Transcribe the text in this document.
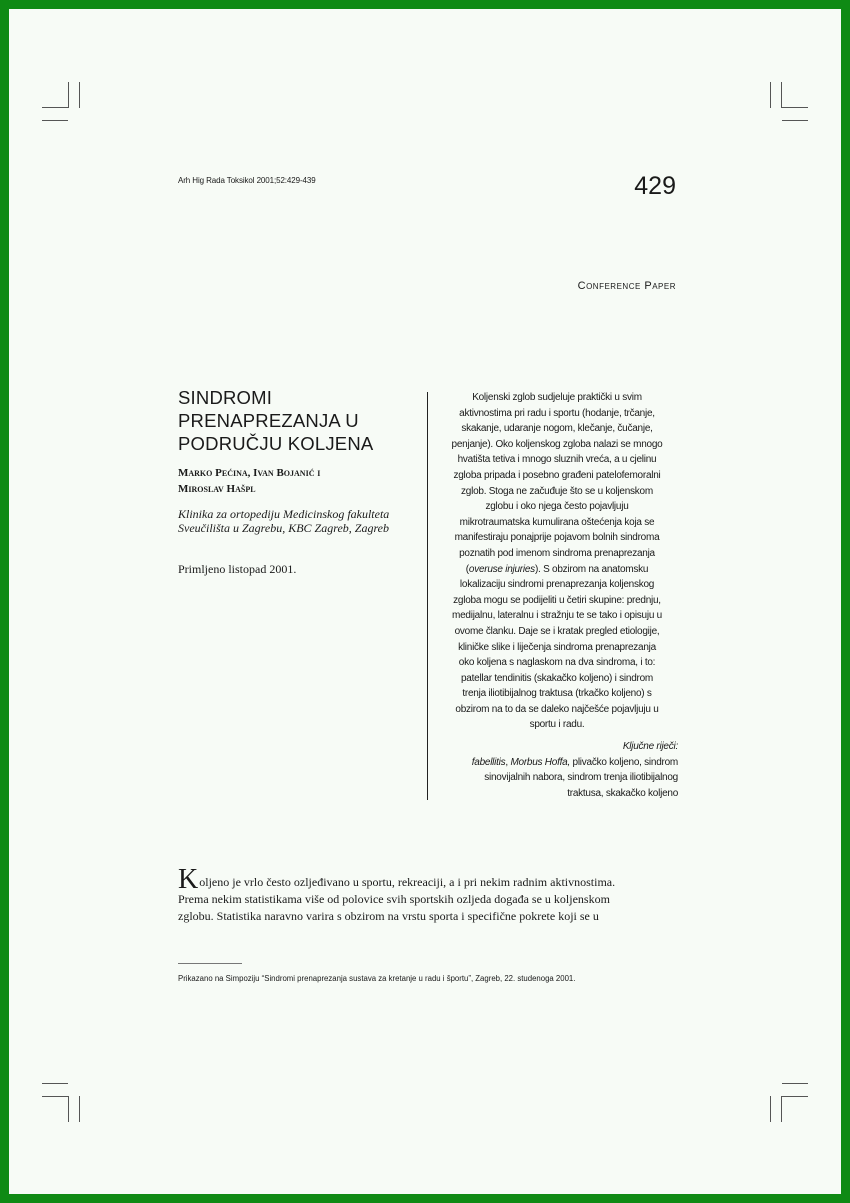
Arh Hig Rada Toksikol 2001;52:429-439	429
Conference Paper
SINDROMI
PRENAPREZANJA U
PODRUČJU KOLJENA
Marko Pećina, Ivan Bojanić i
Miroslav Hašpl
Klinika za ortopediju Medicinskog fakulteta Sveučilišta u Zagrebu, KBC Zagreb, Zagreb
Primljeno listopad 2001.
Koljenski zglob sudjeluje praktički u svim
aktivnostima pri radu i sportu (hodanje, trčanje,
skakanje, udaranje nogom, klečanje, čučanje,
penjanje). Oko koljenskog zgloba nalazi se mnogo
hvatišta tetiva i mnogo sluznih vreća, a u cjelinu
zgloba pripada i posebno građeni patelofemoralni
zglob. Stoga ne začuđuje što se u koljenskom
zglobu i oko njega često pojavljuju
mikrotraumatska kumulirana oštećenja koja se
manifestiraju ponajprije pojavom bolnih sindroma
poznatih pod imenom sindroma prenaprezanja
(overuse injuries). S obzirom na anatomsku
lokalizaciju sindromi prenaprezanja koljenskog
zgloba mogu se podijeliti u četiri skupine: prednju,
medijalnu, lateralnu i stražnju te se tako i opisuju u
ovome članku. Daje se i kratak pregled etiologije,
kliničke slike i liječenja sindroma prenaprezanja
oko koljena s naglaskom na dva sindroma, i to:
patellar tendinitis (skakačko koljeno) i sindrom
trenja iliotibijalnog traktusa (trkačko koljeno) s
obzirom na to da se daleko najčešće pojavljuju u
sportu i radu.
Ključne riječi:
fabellitis, Morbus Hoffa, plivačko koljeno, sindrom
sinovijalnih nabora, sindrom trenja iliotibijalnog
traktusa, skakačko koljeno
Koljeno je vrlo često ozljeđivano u sportu, rekreaciji, a i pri nekim radnim aktivnostima.
Prema nekim statistikama više od polovice svih sportskih ozljeda događa se u koljenskom
zglobu. Statistika naravno varira s obzirom na vrstu sporta i specifične pokrete koji se u
Prikazano na Simpoziju “Sindromi prenaprezanja sustava za kretanje u radu i športu”, Zagreb, 22. studenoga 2001.
